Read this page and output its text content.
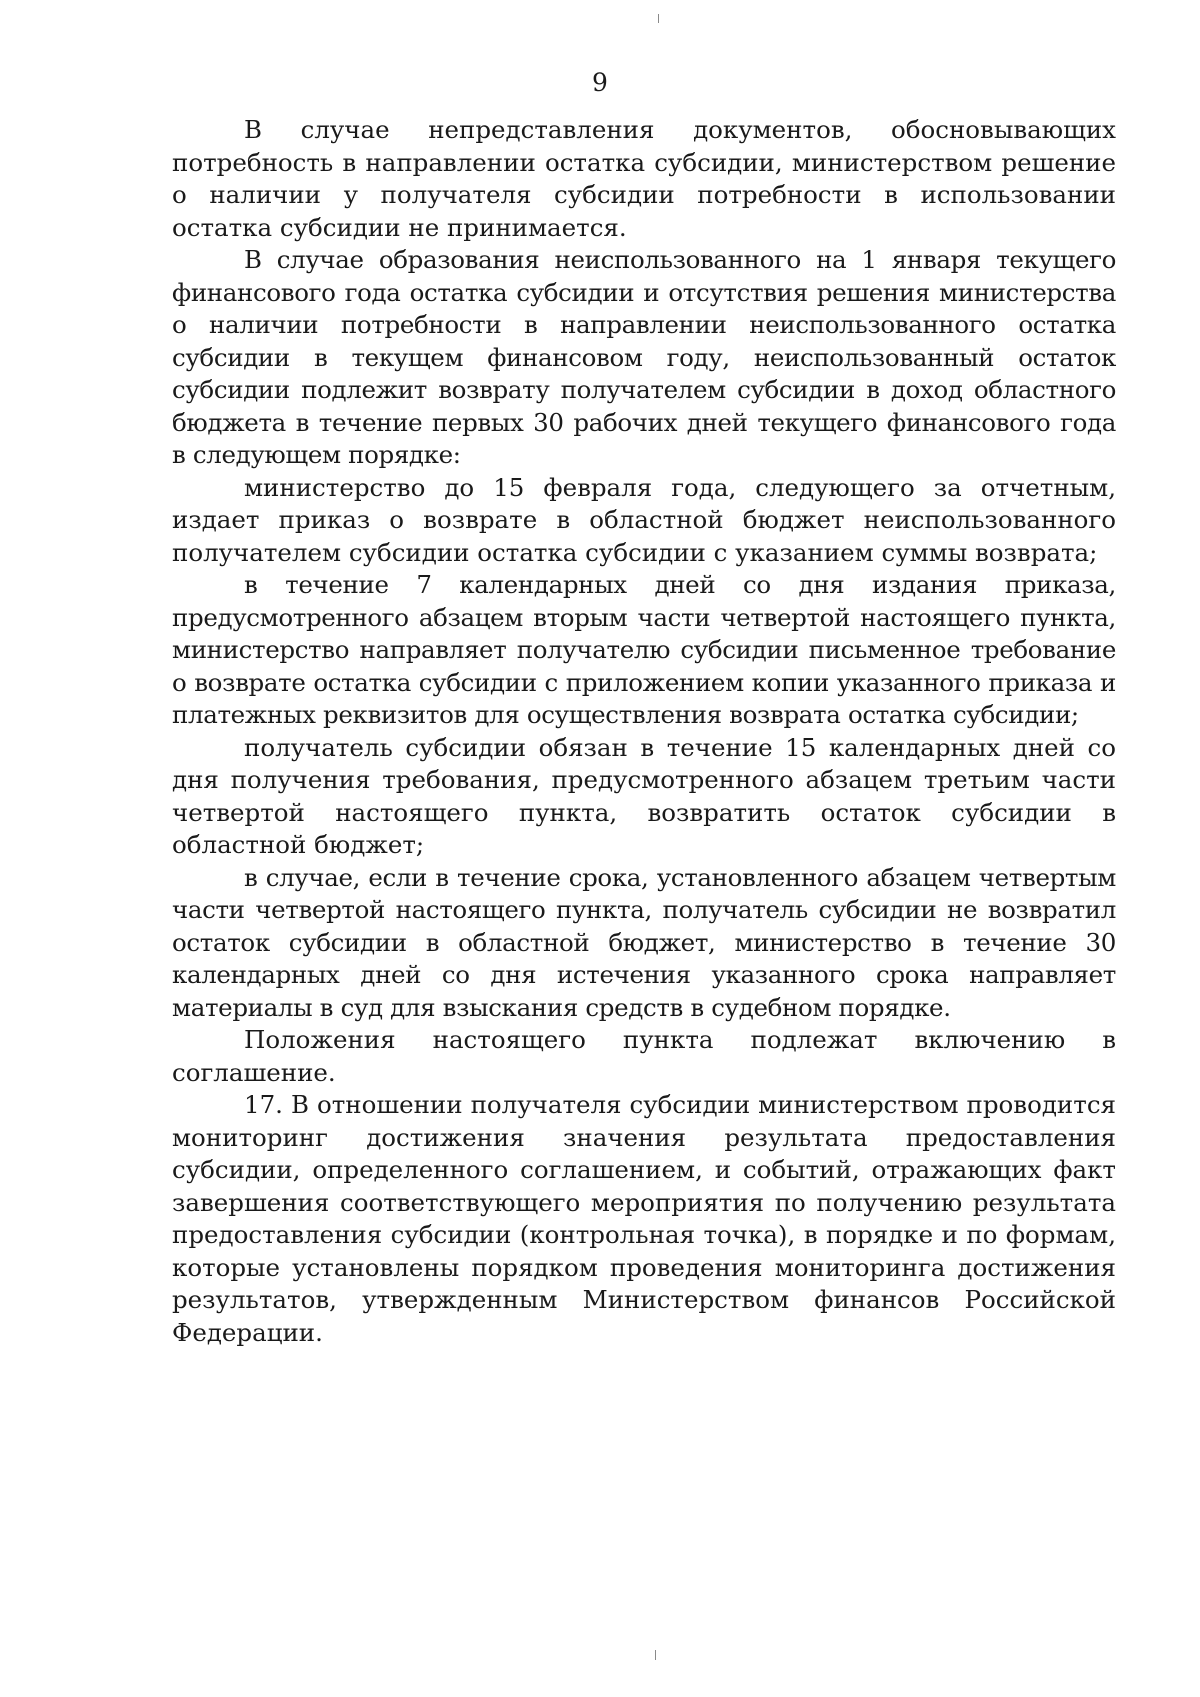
9

В случае непредставления документов, обосновывающих потребность в направлении остатка субсидии, министерством решение о наличии у получателя субсидии потребности в использовании остатка субсидии не принимается.

В случае образования неиспользованного на 1 января текущего финансового года остатка субсидии и отсутствия решения министерства о наличии потребности в направлении неиспользованного остатка субсидии в текущем финансовом году, неиспользованный остаток субсидии подлежит возврату получателем субсидии в доход областного бюджета в течение первых 30 рабочих дней текущего финансового года в следующем порядке:

министерство до 15 февраля года, следующего за отчетным, издает приказ о возврате в областной бюджет неиспользованного получателем субсидии остатка субсидии с указанием суммы возврата;

в течение 7 календарных дней со дня издания приказа, предусмотренного абзацем вторым части четвертой настоящего пункта, министерство направляет получателю субсидии письменное требование о возврате остатка субсидии с приложением копии указанного приказа и платежных реквизитов для осуществления возврата остатка субсидии;

получатель субсидии обязан в течение 15 календарных дней со дня получения требования, предусмотренного абзацем третьим части четвертой настоящего пункта, возвратить остаток субсидии в областной бюджет;

в случае, если в течение срока, установленного абзацем четвертым части четвертой настоящего пункта, получатель субсидии не возвратил остаток субсидии в областной бюджет, министерство в течение 30 календарных дней со дня истечения указанного срока направляет материалы в суд для взыскания средств в судебном порядке.

Положения настоящего пункта подлежат включению в соглашение.

17. В отношении получателя субсидии министерством проводится мониторинг достижения значения результата предоставления субсидии, определенного соглашением, и событий, отражающих факт завершения соответствующего мероприятия по получению результата предоставления субсидии (контрольная точка), в порядке и по формам, которые установлены порядком проведения мониторинга достижения результатов, утвержденным Министерством финансов Российской Федерации.
